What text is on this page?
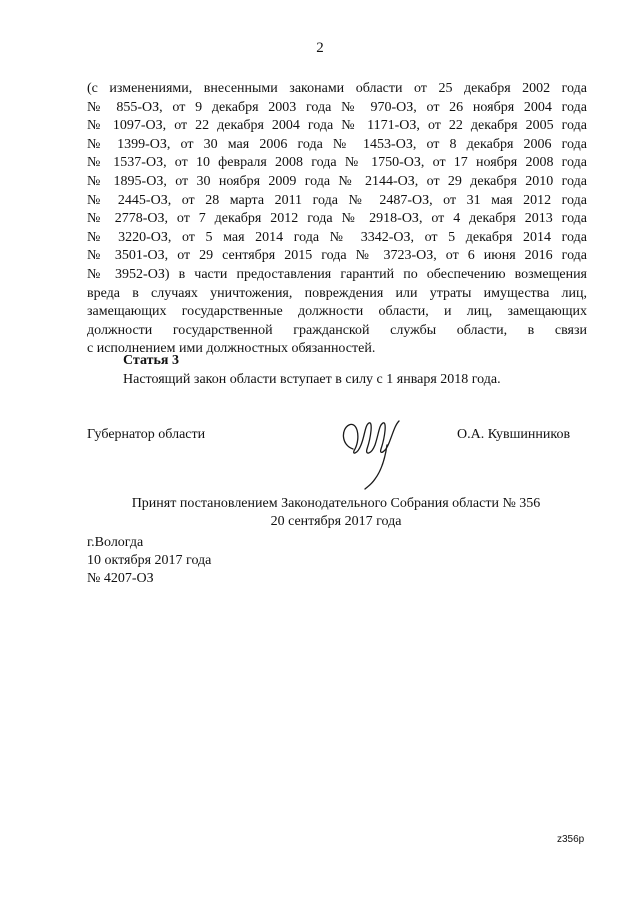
2
(с изменениями, внесенными законами области от 25 декабря 2002 года
№ 855-ОЗ, от 9 декабря 2003 года № 970-ОЗ, от 26 ноября 2004 года
№ 1097-ОЗ, от 22 декабря 2004 года № 1171-ОЗ, от 22 декабря 2005 года
№ 1399-ОЗ, от 30 мая 2006 года № 1453-ОЗ, от 8 декабря 2006 года
№ 1537-ОЗ, от 10 февраля 2008 года № 1750-ОЗ, от 17 ноября 2008 года
№ 1895-ОЗ, от 30 ноября 2009 года № 2144-ОЗ, от 29 декабря 2010 года
№ 2445-ОЗ, от 28 марта 2011 года № 2487-ОЗ, от 31 мая 2012 года
№ 2778-ОЗ, от 7 декабря 2012 года № 2918-ОЗ, от 4 декабря 2013 года
№ 3220-ОЗ, от 5 мая 2014 года № 3342-ОЗ, от 5 декабря 2014 года
№ 3501-ОЗ, от 29 сентября 2015 года № 3723-ОЗ, от 6 июня 2016 года
№ 3952-ОЗ) в части предоставления гарантий по обеспечению возмещения
вреда в случаях уничтожения, повреждения или утраты имущества лиц,
замещающих государственные должности области, и лиц, замещающих
должности государственной гражданской службы области, в связи
с исполнением ими должностных обязанностей.
Статья 3
Настоящий закон области вступает в силу с 1 января 2018 года.
Губернатор области	О.А. Кувшинников
Принят постановлением Законодательного Собрания области № 356
20 сентября 2017 года
г.Вологда
10 октября 2017 года
№ 4207-ОЗ
z356p
